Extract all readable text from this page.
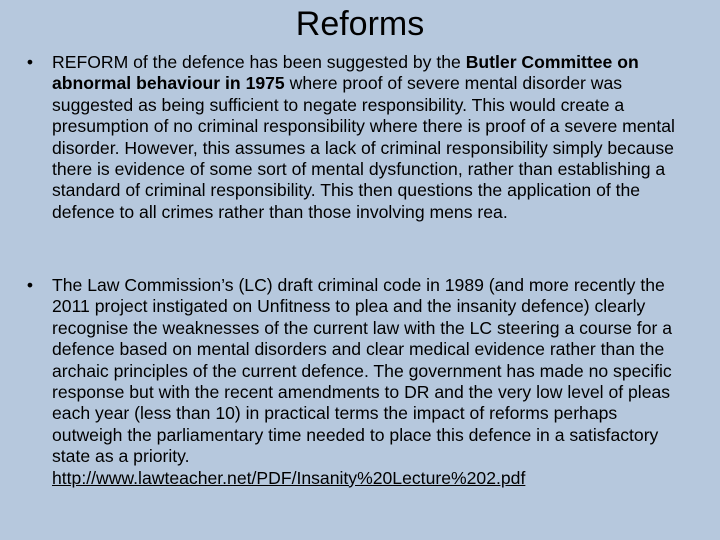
Reforms
•	REFORM of the defence has been suggested by the Butler Committee on abnormal behaviour in 1975 where proof of severe mental disorder was suggested as being sufficient to negate responsibility. This would create a presumption of no criminal responsibility where there is proof of a severe mental disorder. However, this assumes a lack of criminal responsibility simply because there is evidence of some sort of mental dysfunction, rather than establishing a standard of criminal responsibility. This then questions the application of the defence to all crimes rather than those involving mens rea.
•	The Law Commission’s (LC) draft criminal code in 1989 (and more recently the 2011 project instigated on Unfitness to plea and the insanity defence) clearly recognise the weaknesses of the current law with the LC steering a course for a defence based on mental disorders and clear medical evidence rather than the archaic principles of the current defence. The government has made no specific response but with the recent amendments to DR and the very low level of pleas each year (less than 10) in practical terms the impact of reforms perhaps outweigh the parliamentary time needed to place this defence in a satisfactory state as a priority.
http://www.lawteacher.net/PDF/Insanity%20Lecture%202.pdf
